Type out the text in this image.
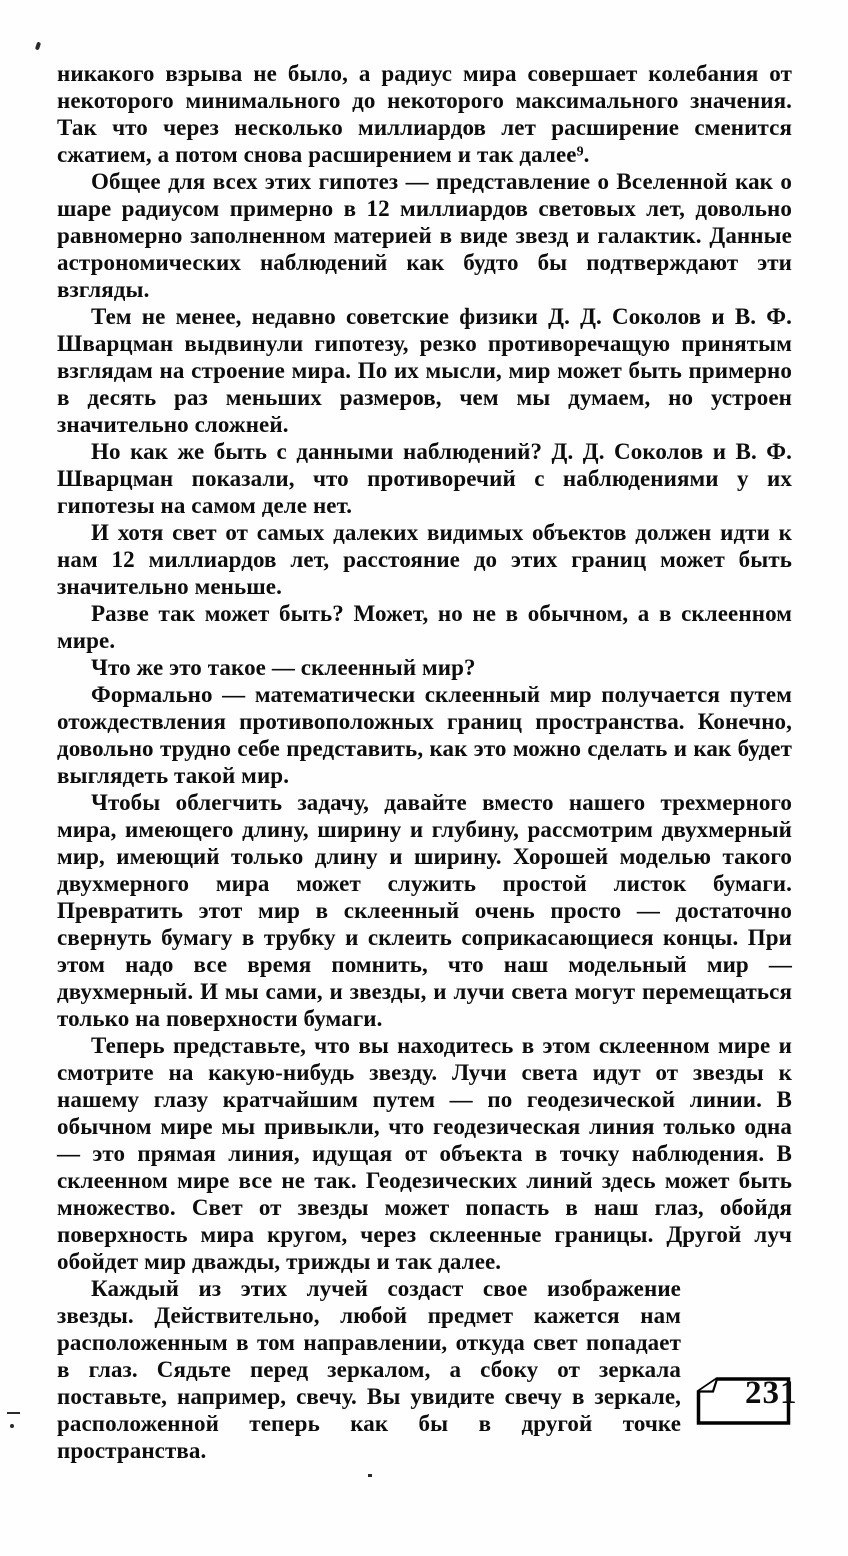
никакого взрыва не было, а радиус мира совершает колебания от некоторого минимального до некоторого максимального значения. Так что через несколько миллиардов лет расширение сменится сжатием, а потом снова расширением и так далее⁹.

Общее для всех этих гипотез — представление о Вселенной как о шаре радиусом примерно в 12 миллиардов световых лет, довольно равномерно заполненном материей в виде звезд и галактик. Данные астрономических наблюдений как будто бы подтверждают эти взгляды.

Тем не менее, недавно советские физики Д. Д. Соколов и В. Ф. Шварцман выдвинули гипотезу, резко противоречащую принятым взглядам на строение мира. По их мысли, мир может быть примерно в десять раз меньших размеров, чем мы думаем, но устроен значительно сложней.

Но как же быть с данными наблюдений? Д. Д. Соколов и В. Ф. Шварцман показали, что противоречий с наблюдениями у их гипотезы на самом деле нет.

И хотя свет от самых далеких видимых объектов должен идти к нам 12 миллиардов лет, расстояние до этих границ может быть значительно меньше.

Разве так может быть? Может, но не в обычном, а в склеенном мире.

Что же это такое — склеенный мир?

Формально — математически склеенный мир получается путем отождествления противоположных границ пространства. Конечно, довольно трудно себе представить, как это можно сделать и как будет выглядеть такой мир.

Чтобы облегчить задачу, давайте вместо нашего трехмерного мира, имеющего длину, ширину и глубину, рассмотрим двухмерный мир, имеющий только длину и ширину. Хорошей моделью такого двухмерного мира может служить простой листок бумаги. Превратить этот мир в склеенный очень просто — достаточно свернуть бумагу в трубку и склеить соприкасающиеся концы. При этом надо все время помнить, что наш модельный мир — двухмерный. И мы сами, и звезды, и лучи света могут перемещаться только на поверхности бумаги.

Теперь представьте, что вы находитесь в этом склеенном мире и смотрите на какую-нибудь звезду. Лучи света идут от звезды к нашему глазу кратчайшим путем — по геодезической линии. В обычном мире мы привыкли, что геодезическая линия только одна — это прямая линия, идущая от объекта в точку наблюдения. В склеенном мире все не так. Геодезических линий здесь может быть множество. Свет от звезды может попасть в наш глаз, обойдя поверхность мира кругом, через склеенные границы. Другой луч обойдет мир дважды, трижды и так далее.

231
Каждый из этих лучей создаст свое изображение звезды. Действительно, любой предмет кажется нам расположенным в том направлении, откуда свет попадает в глаз. Сядьте перед зеркалом, а сбоку от зеркала поставьте, например, свечу. Вы увидите свечу в зеркале, расположенной теперь как бы в другой точке пространства.
